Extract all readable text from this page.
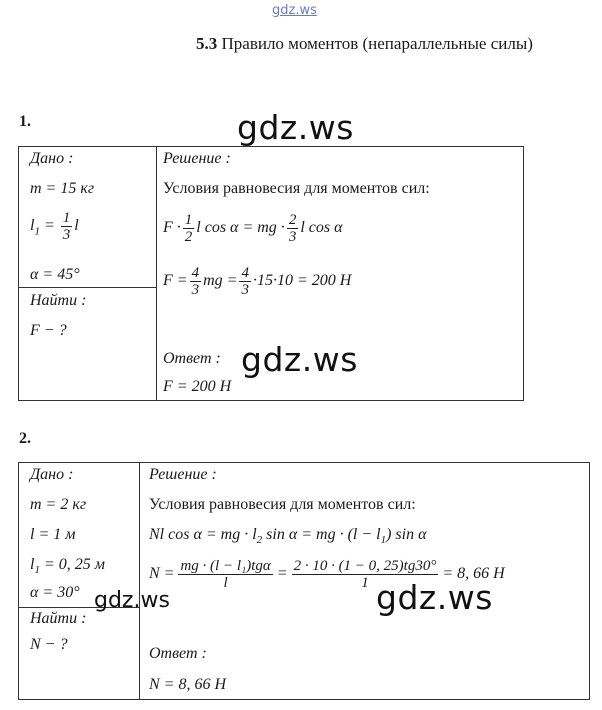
gdz.ws
5.3 Правило моментов (непараллельные силы)
1.	gdz.ws
Дано :
m = 15 кг
$l_1 = \frac{1}{3}$ l
α = 45°
Найти :
F − ?
Решение :
Условия равновесия для моментов сил:
$F \cdot \frac{1}{2}$ l cos α = mg · $\frac{2}{3}$ l cos α
$F = \frac{4}{3}$ mg = $\frac{4}{3} \cdot 15\cdot 10 = 200$ Н
Ответ : gdz.ws
F = 200 Н
2.
Дано :
m = 2 кг
l = 1 м
$l_1 = 0$, 25 м
α = 30° gdz.ws
Найти :
N − ?
Решение :
Условия равновесия для моментов сил:
Nl cos α = mg · $l_2$ sin α = mg · $(l - l_1)$ sin α
$N = \frac{\text{mg · (l − l₁)tgα}}{l} = \frac{2 \cdot 10 \cdot (1 - 0, 25)tg30^\circ}{1} = 8$, 66 Н
gdz.ws
Ответ :
N = 8, 66 Н
